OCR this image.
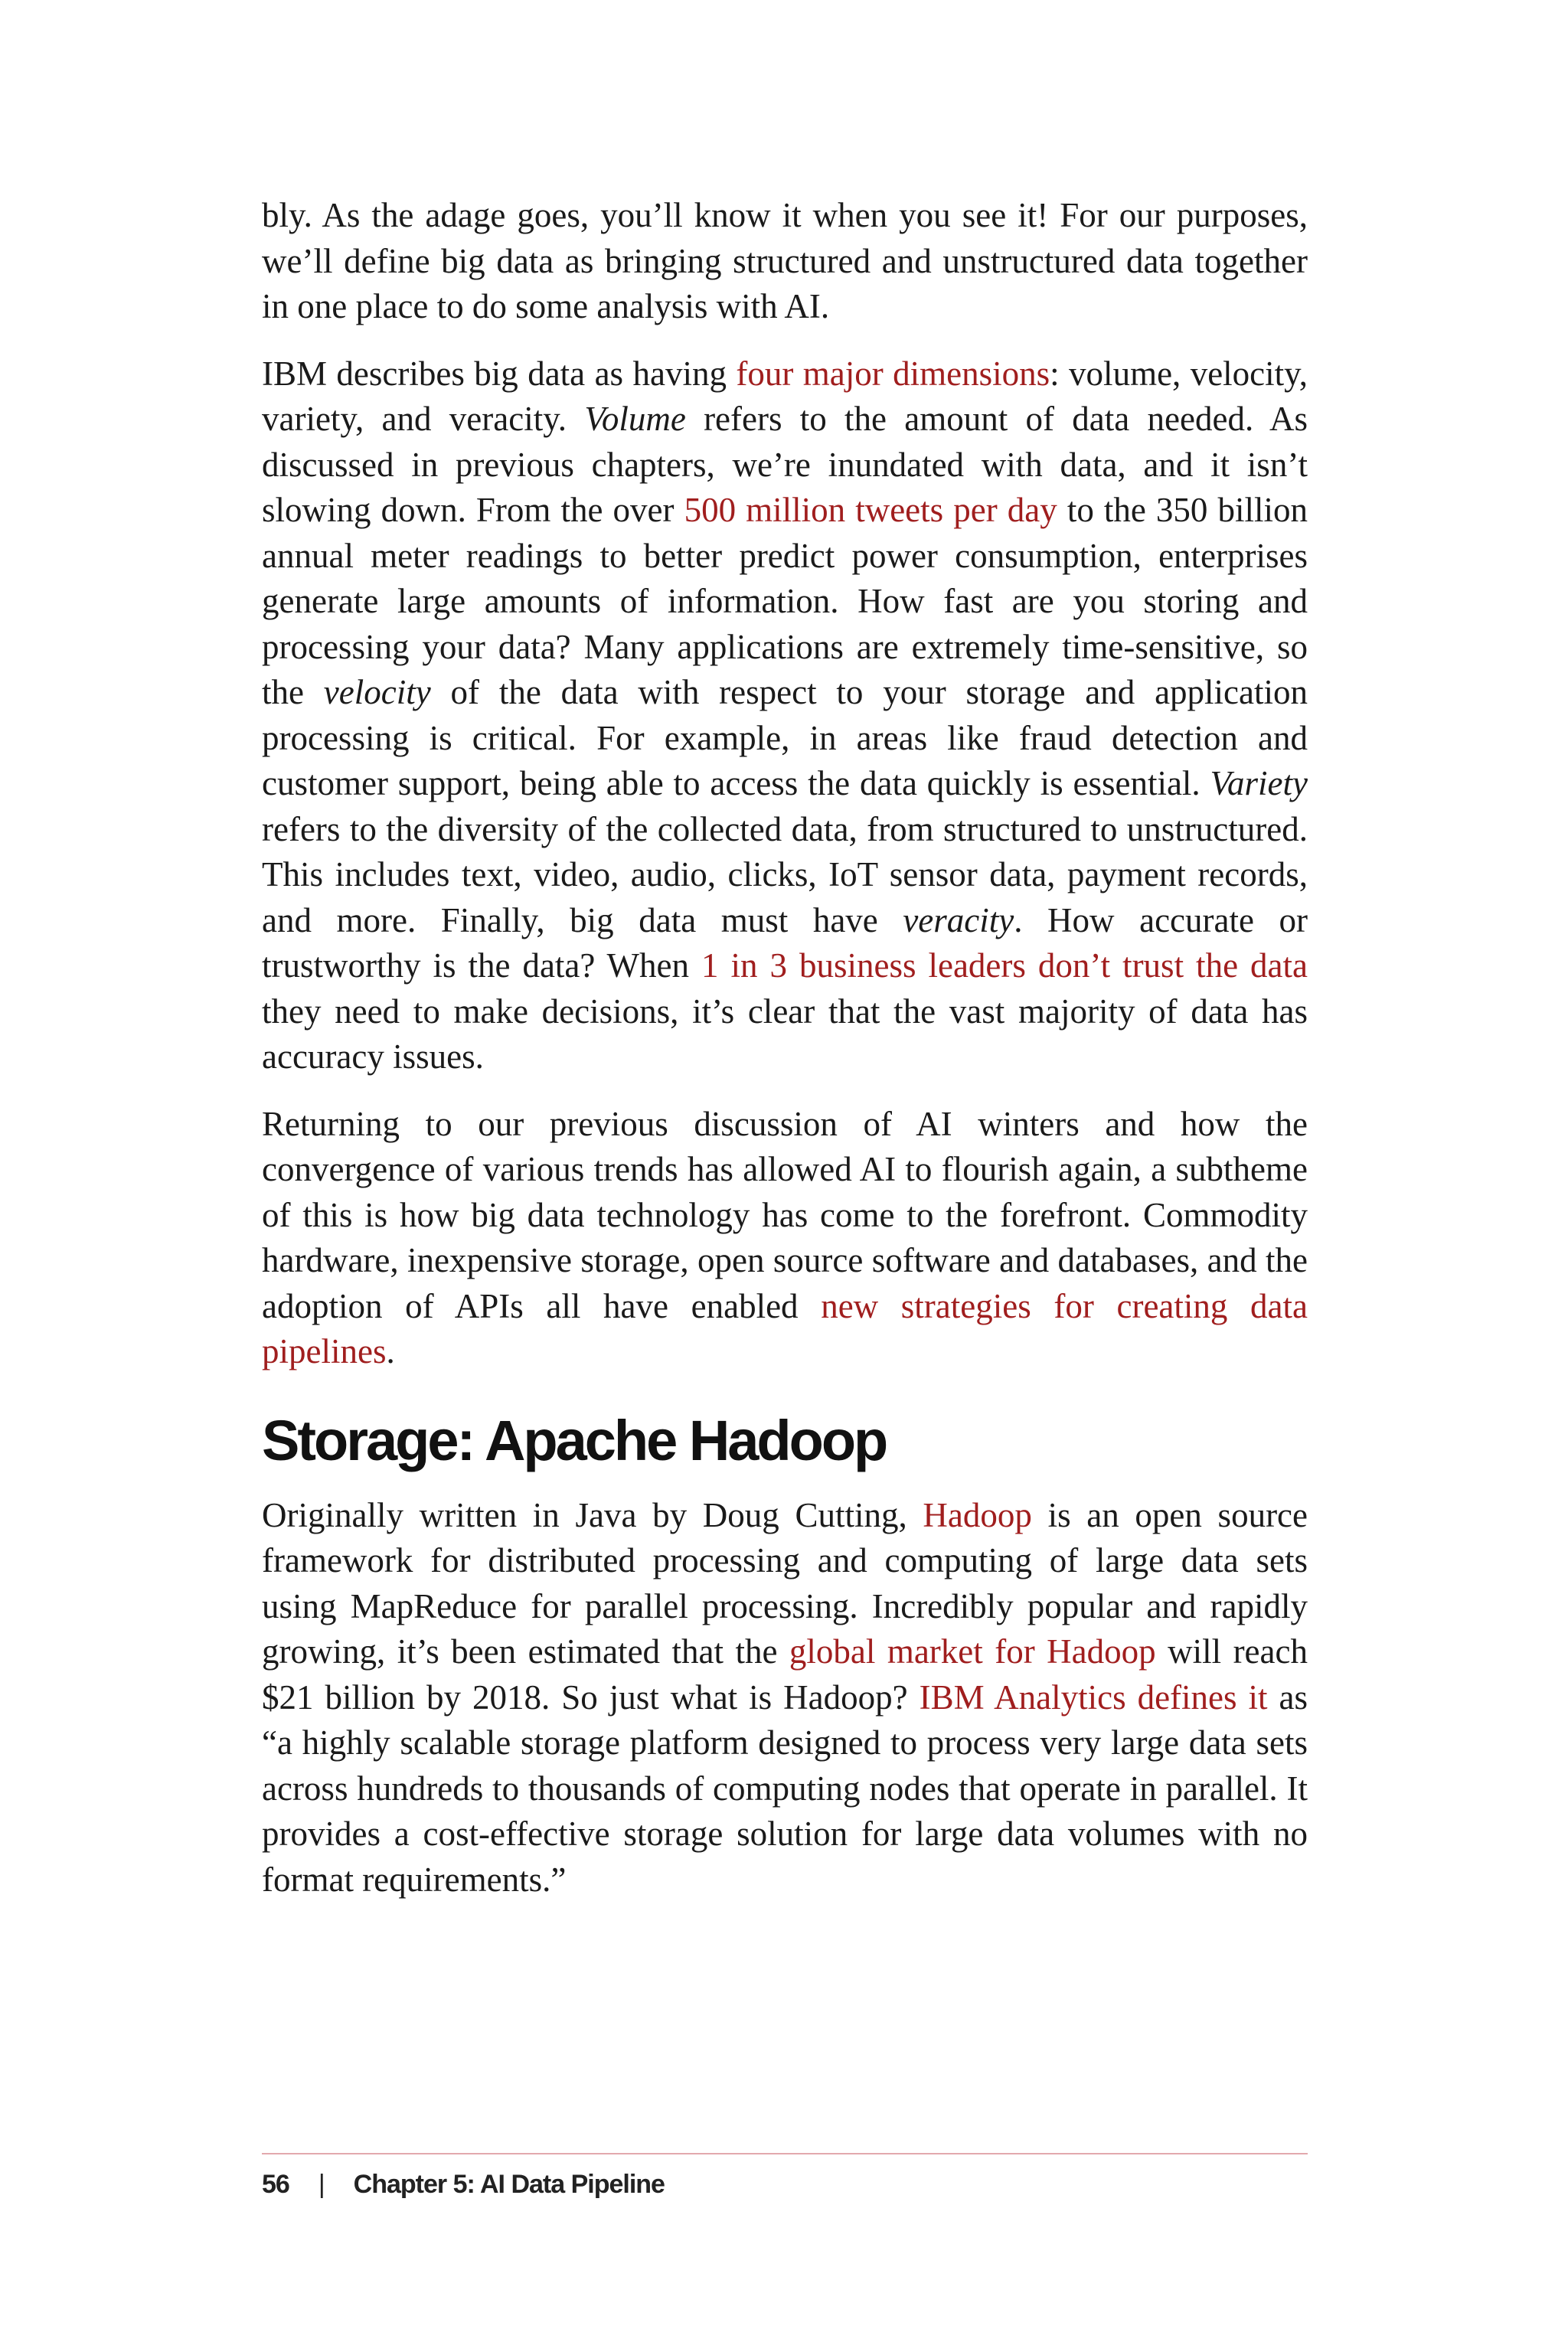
bly. As the adage goes, you’ll know it when you see it! For our purposes, we’ll define big data as bringing structured and unstructured data together in one place to do some analysis with AI.

IBM describes big data as having four major dimensions: volume, velocity, variety, and veracity. Volume refers to the amount of data needed. As discussed in previous chapters, we’re inundated with data, and it isn’t slowing down. From the over 500 million tweets per day to the 350 billion annual meter readings to better predict power consumption, enterprises generate large amounts of information. How fast are you storing and processing your data? Many applications are extremely time-sensitive, so the velocity of the data with respect to your storage and application processing is critical. For example, in areas like fraud detection and customer support, being able to access the data quickly is essential. Variety refers to the diversity of the collected data, from structured to unstructured. This includes text, video, audio, clicks, IoT sensor data, payment records, and more. Finally, big data must have veracity. How accurate or trustworthy is the data? When 1 in 3 business leaders don’t trust the data they need to make decisions, it’s clear that the vast majority of data has accuracy issues.

Returning to our previous discussion of AI winters and how the convergence of various trends has allowed AI to flourish again, a subtheme of this is how big data technology has come to the forefront. Commodity hardware, inexpensive storage, open source software and databases, and the adoption of APIs all have enabled new strategies for creating data pipelines.

Storage: Apache Hadoop

Originally written in Java by Doug Cutting, Hadoop is an open source framework for distributed processing and computing of large data sets using MapReduce for parallel processing. Incredibly popular and rapidly growing, it’s been estimated that the global market for Hadoop will reach $21 billion by 2018. So just what is Hadoop? IBM Analytics defines it as “a highly scalable storage platform designed to process very large data sets across hundreds to thousands of computing nodes that operate in parallel. It provides a cost-effective storage solution for large data volumes with no format requirements.”

56 | Chapter 5: AI Data Pipeline
